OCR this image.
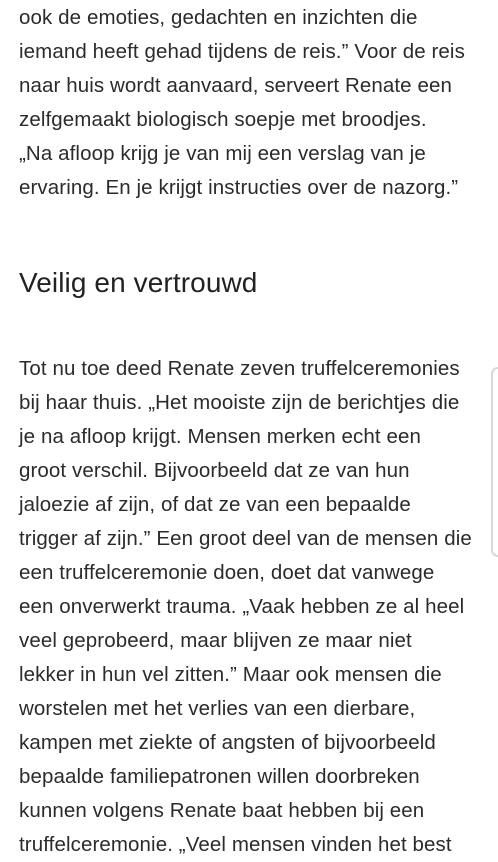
ook de emoties, gedachten en inzichten die
iemand heeft gehad tijdens de reis.” Voor de reis
naar huis wordt aanvaard, serveert Renate een
zelfgemaakt biologisch soepje met broodjes.
„Na afloop krijg je van mij een verslag van je
ervaring. En je krijgt instructies over de nazorg.”

Veilig en vertrouwd

Tot nu toe deed Renate zeven truffelceremonies
bij haar thuis. „Het mooiste zijn de berichtjes die
je na afloop krijgt. Mensen merken echt een
groot verschil. Bijvoorbeeld dat ze van hun
jaloezie af zijn, of dat ze van een bepaalde
trigger af zijn.” Een groot deel van de mensen die
een truffelceremonie doen, doet dat vanwege
een onverwerkt trauma. „Vaak hebben ze al heel
veel geprobeerd, maar blijven ze maar niet
lekker in hun vel zitten.” Maar ook mensen die
worstelen met het verlies van een dierbare,
kampen met ziekte of angsten of bijvoorbeeld
bepaalde familiepatronen willen doorbreken
kunnen volgens Renate baat hebben bij een
truffelceremonie. „Veel mensen vinden het best
